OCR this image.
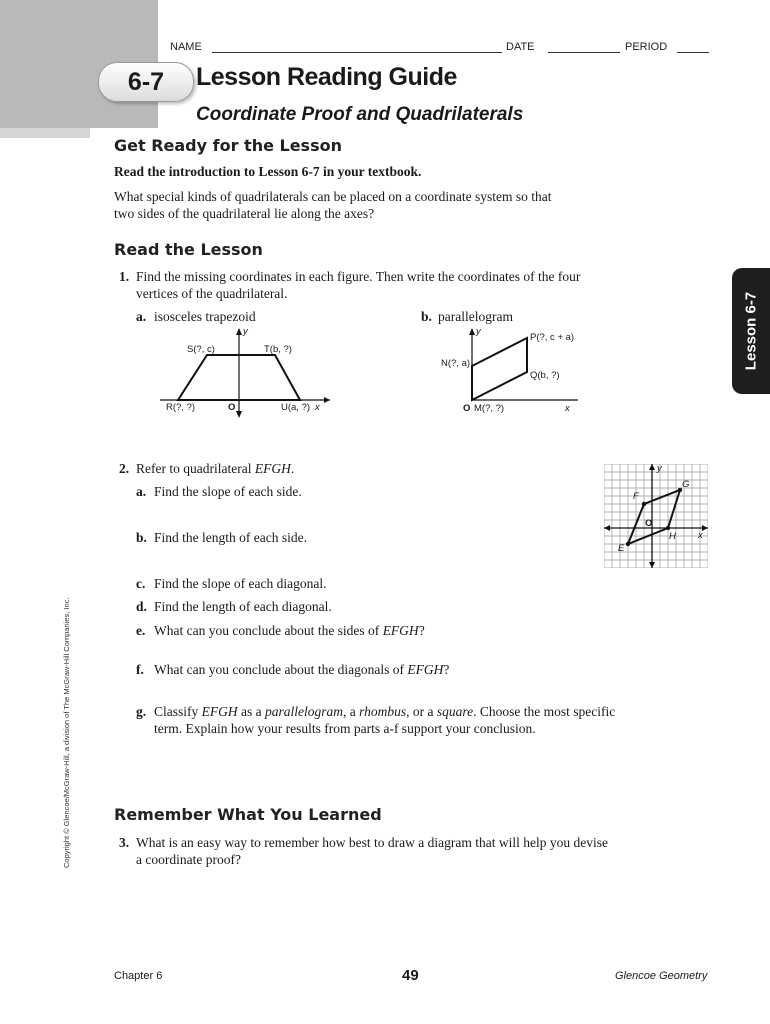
NAME	DATE	PERIOD
6-7	Lesson Reading Guide
Coordinate Proof and Quadrilaterals
Lesson 6-7
Get Ready for the Lesson
Read the introduction to Lesson 6-7 in your textbook.
What special kinds of quadrilaterals can be placed on a coordinate system so that
two sides of the quadrilateral lie along the axes?
Read the Lesson
1. Find the missing coordinates in each figure. Then write the coordinates of the four
vertices of the quadrilateral.
a. isosceles trapezoid	b. parallelogram
y
S(?, c)	T(b, ?)
R(?, ?)	O	U(a, ?) x
y
P(?, c + a)
N(?, a)
Q(b, ?)
O M(?, ?)	x
2. Refer to quadrilateral EFGH.	y
G
F
O
H x
E
a. Find the slope of each side.
b. Find the length of each side.
c. Find the slope of each diagonal.
d. Find the length of each diagonal.
e. What can you conclude about the sides of EFGH?
f. What can you conclude about the diagonals of EFGH?
g. Classify EFGH as a parallelogram, a rhombus, or a square. Choose the most specific
term. Explain how your results from parts a-f support your conclusion.
Remember What You Learned
3. What is an easy way to remember how best to draw a diagram that will help you devise
a coordinate proof?
Copyright © Glencoe/McGraw-Hill, a division of The McGraw-Hill Companies, Inc.
Chapter 6	49	Glencoe Geometry
